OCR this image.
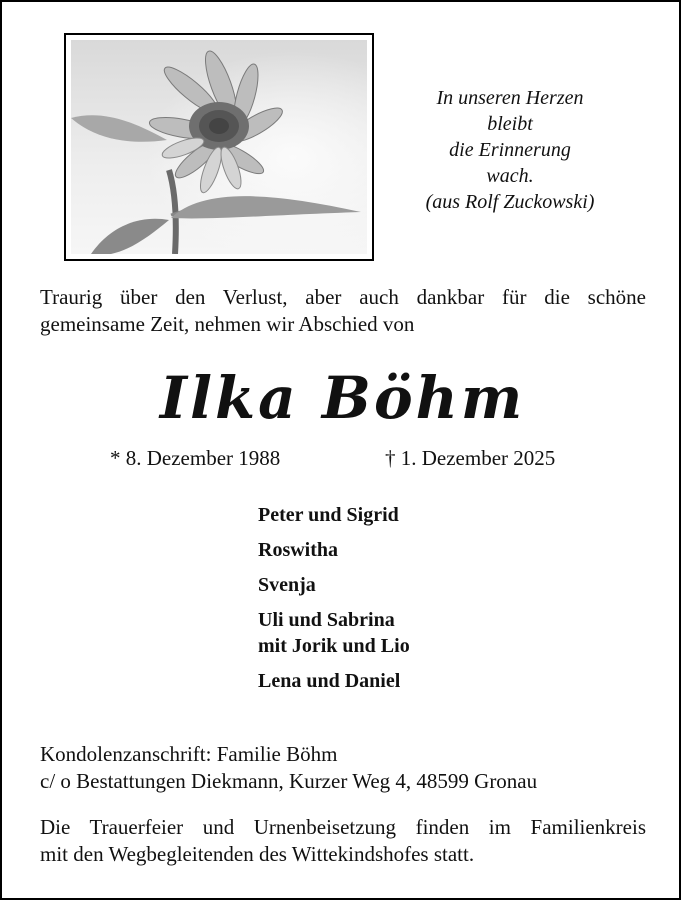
In unseren Herzen
bleibt
die Erinnerung
wach.
(aus Rolf Zuckowski)
Traurig über den Verlust, aber auch dankbar für die schöne
gemeinsame Zeit, nehmen wir Abschied von
Ilka Böhm
* 8. Dezember 1988	† 1. Dezember 2025
Peter und Sigrid
Roswitha
Svenja
Uli und Sabrina
mit Jorik und Lio
Lena und Daniel
Kondolenzanschrift: Familie Böhm
c/ o Bestattungen Diekmann, Kurzer Weg 4, 48599 Gronau
Die Trauerfeier und Urnenbeisetzung finden im Familienkreis
mit den Wegbegleitenden des Wittekindshofes statt.
